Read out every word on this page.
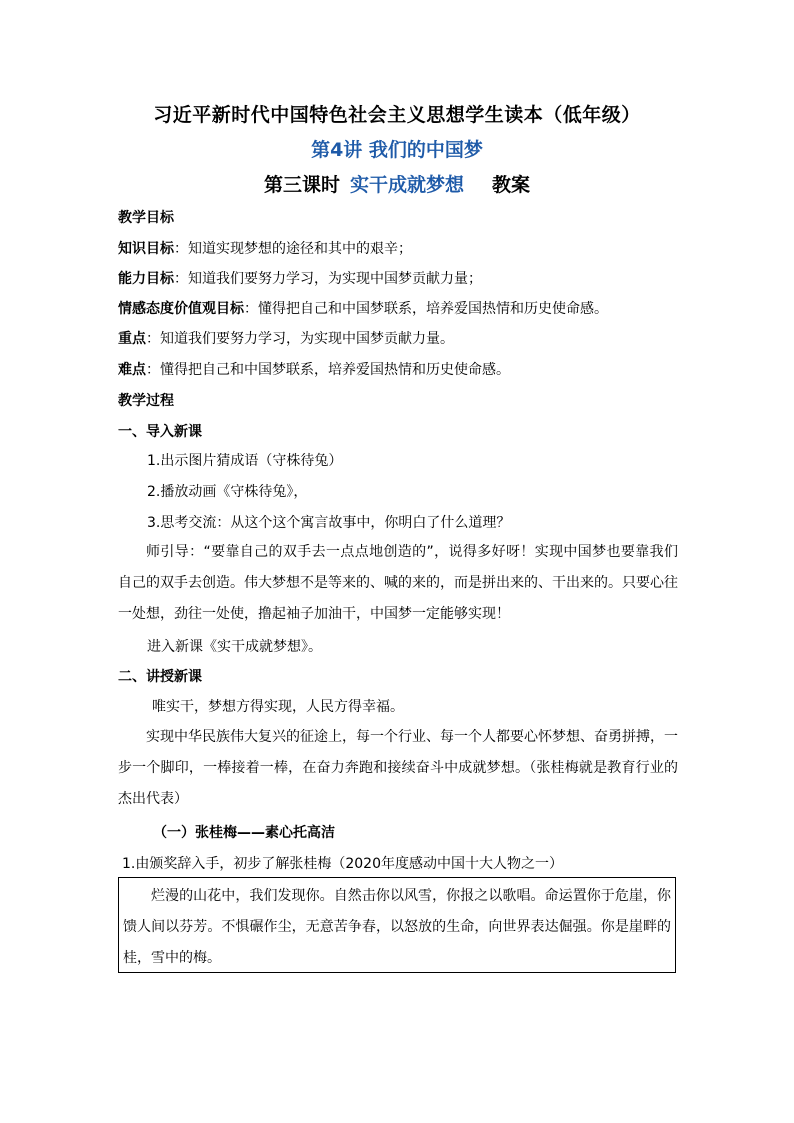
习近平新时代中国特色社会主义思想学生读本（低年级）
第4讲 我们的中国梦
第三课时 实干成就梦想 教案
教学目标
知识目标：知道实现梦想的途径和其中的艰辛；
能力目标：知道我们要努力学习，为实现中国梦贡献力量；
情感态度价值观目标：懂得把自己和中国梦联系，培养爱国热情和历史使命感。
重点：知道我们要努力学习，为实现中国梦贡献力量。
难点：懂得把自己和中国梦联系，培养爱国热情和历史使命感。
教学过程
一、导入新课
1.出示图片猜成语（守株待兔）
2.播放动画《守株待兔》，
3.思考交流：从这个这个寓言故事中，你明白了什么道理？
师引导：“要靠自己的双手去一点点地创造的”，说得多好呀！实现中国梦也要靠我们自己的双手去创造。伟大梦想不是等来的、喊的来的，而是拼出来的、干出来的。只要心往一处想，劲往一处使，撸起袖子加油干，中国梦一定能够实现！
进入新课《实干成就梦想》。
二、讲授新课
唯实干，梦想方得实现，人民方得幸福。
实现中华民族伟大复兴的征途上，每一个行业、每一个人都要心怀梦想、奋勇拼搏，一步一个脚印，一棒接着一棒，在奋力奔跑和接续奋斗中成就梦想。（张桂梅就是教育行业的杰出代表）
（一）张桂梅——素心托高洁
1.由颁奖辞入手，初步了解张桂梅（2020年度感动中国十大人物之一）
烂漫的山花中，我们发现你。自然击你以风雪，你报之以歌唱。命运置你于危崖，你馈人间以芬芳。不惧碾作尘，无意苦争春，以怒放的生命，向世界表达倔强。你是崖畔的桂，雪中的梅。
